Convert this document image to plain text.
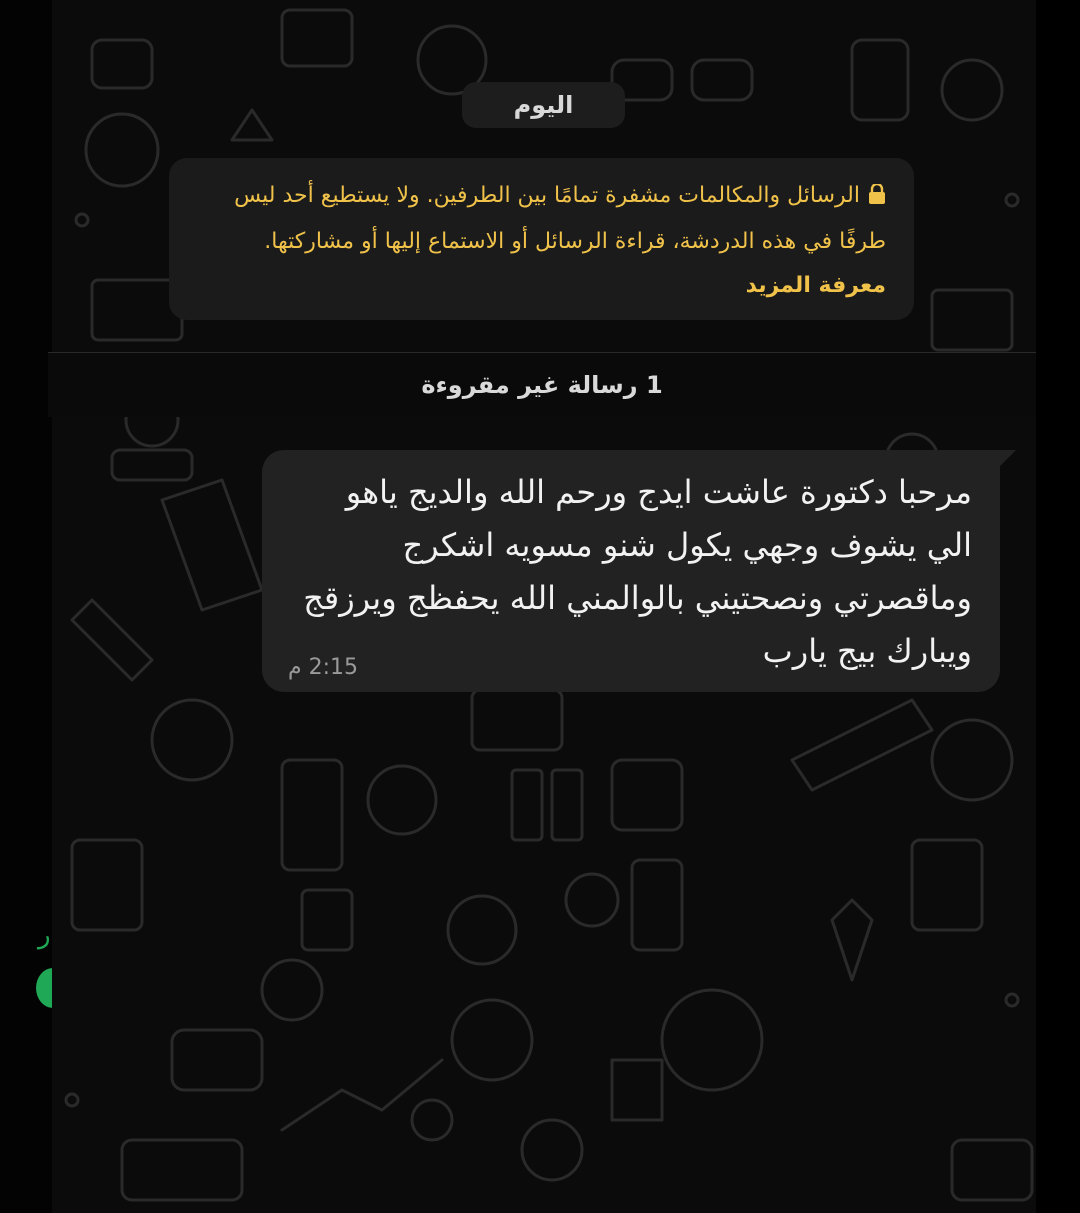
ﺭ
اليوم
الرسائل والمكالمات مشفرة تمامًا بين الطرفين. ولا يستطيع أحد ليس طرفًا في هذه الدردشة، قراءة الرسائل أو الاستماع إليها أو مشاركتها. معرفة المزيد
1 رسالة غير مقروءة
مرحبا دكتورة عاشت ايدج ورحم الله والديج ياهو الي يشوف وجهي يكول شنو مسويه اشكرج وماقصرتي ونصحتيني بالوالمني الله يحفظج ويرزقج ويبارك بيج يارب
2:15 م
